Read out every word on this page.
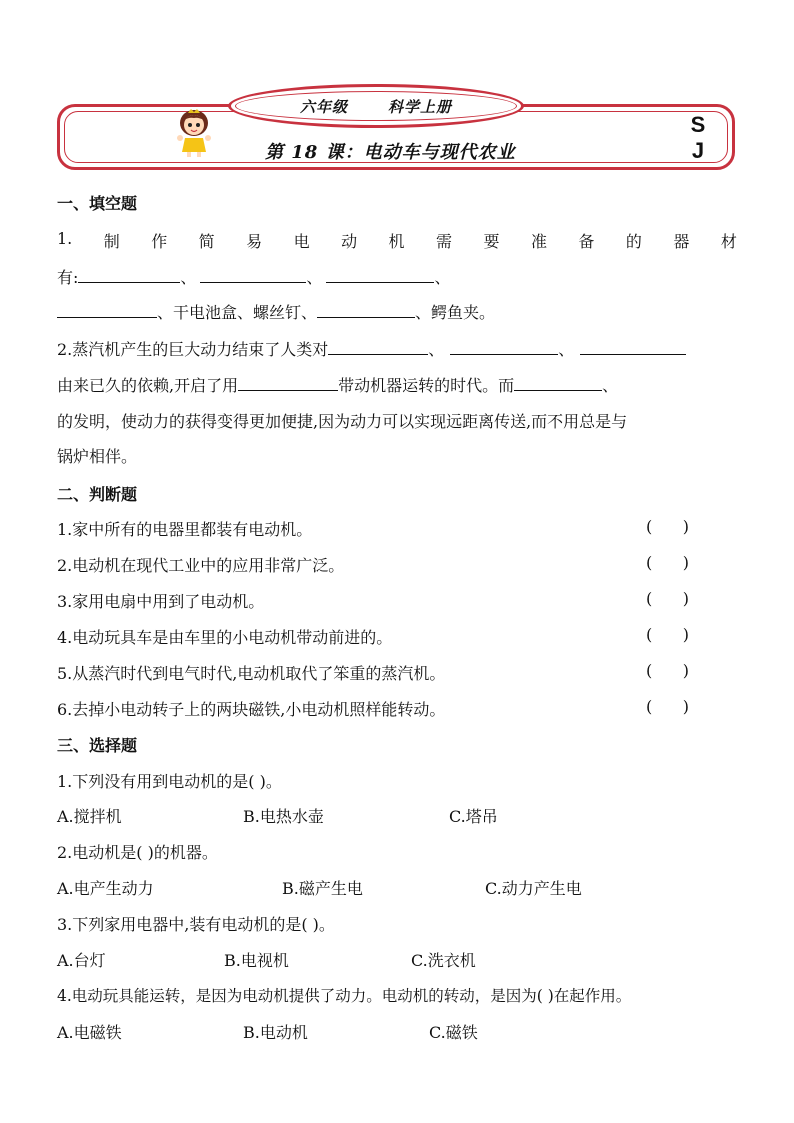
六年级	科学上册
第 18 课：电动车与现代农业
S
J
一、填空题
1. 制 作 简 易 电 动 机 需 要 准 备 的 器 材
有:	、	、	、
、干电池盒、螺丝钉、	、鳄鱼夹。
2.蒸汽机产生的巨大动力结束了人类对	、	、
由来已久的依赖,开启了用	带动机器运转的时代。而	、
的发明，使动力的获得变得更加便捷,因为动力可以实现远距离传送,而不用总是与
锅炉相伴。
二、判断题
1.家中所有的电器里都装有电动机。	(      )
2.电动机在现代工业中的应用非常广泛。	(      )
3.家用电扇中用到了电动机。	(      )
4.电动玩具车是由车里的小电动机带动前进的。	(      )
5.从蒸汽时代到电气时代,电动机取代了笨重的蒸汽机。	(      )
6.去掉小电动转子上的两块磁铁,小电动机照样能转动。	(      )
三、选择题
1.下列没有用到电动机的是( )。
A.搅拌机	B.电热水壶	C.塔吊
2.电动机是( )的机器。
A.电产生动力	B.磁产生电	C.动力产生电
3.下列家用电器中,装有电动机的是( )。
A.台灯	B.电视机	C.洗衣机
4.电动玩具能运转，是因为电动机提供了动力。电动机的转动，是因为( )在起作用。
A.电磁铁	B.电动机	C.磁铁
